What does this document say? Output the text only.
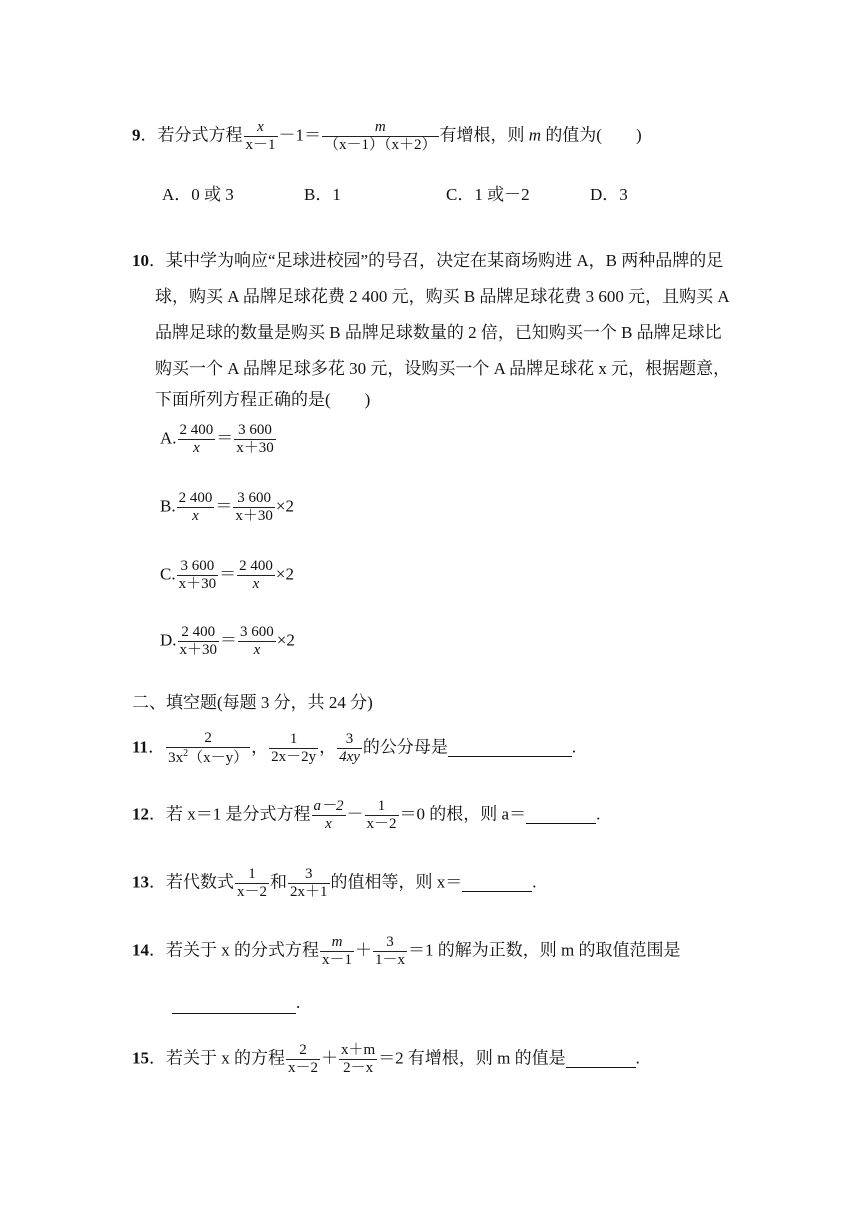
9．若分式方程 $\frac{x}{x-1} -1= \frac{m}{(x-1)(x+2)}$ 有增根，则 m 的值为(　　)
A．0 或 3	B．1	C．1 或－2	D．3
10．某中学为响应“足球进校园”的号召，决定在某商场购进 A，B 两种品牌的足
球，购买 A 品牌足球花费 2 400 元，购买 B 品牌足球花费 3 600 元，且购买 A
品牌足球的数量是购买 B 品牌足球数量的 2 倍，已知购买一个 B 品牌足球比
购买一个 A 品牌足球多花 30 元，设购买一个 A 品牌足球花 x 元，根据题意，
下面所列方程正确的是(　　)
A. $\frac{2 400}{x} = \frac{3 600}{x+30}$
B. $\frac{2 400}{x} = \frac{3 600}{x+30} \times 2$
C. $\frac{3 600}{x+30} = \frac{2 400}{x} \times 2$
D. $\frac{2 400}{x+30} = \frac{3 600}{x} \times 2$
二、填空题(每题 3 分，共 24 分)
11． $\frac{2}{3x^2(x-y)}$ ， $\frac{1}{2x-2y}$ ， $\frac{3}{4xy}$ 的公分母是	.
12．若 x＝1 是分式方程 $\frac{a-2}{x} - \frac{1}{x-2} =0$ 的根，则 a＝	.
13．若代数式 $\frac{1}{x-2}$ 和 $\frac{3}{2x+1}$ 的值相等，则 x＝	.
14．若关于 x 的分式方程 $\frac{m}{x-1} + \frac{3}{1-x} =1$ 的解为正数，则 m 的取值范围是
.
15．若关于 x 的方程 $\frac{2}{x-2} + \frac{x+m}{2-x} =2$ 有增根，则 m 的值是	.
